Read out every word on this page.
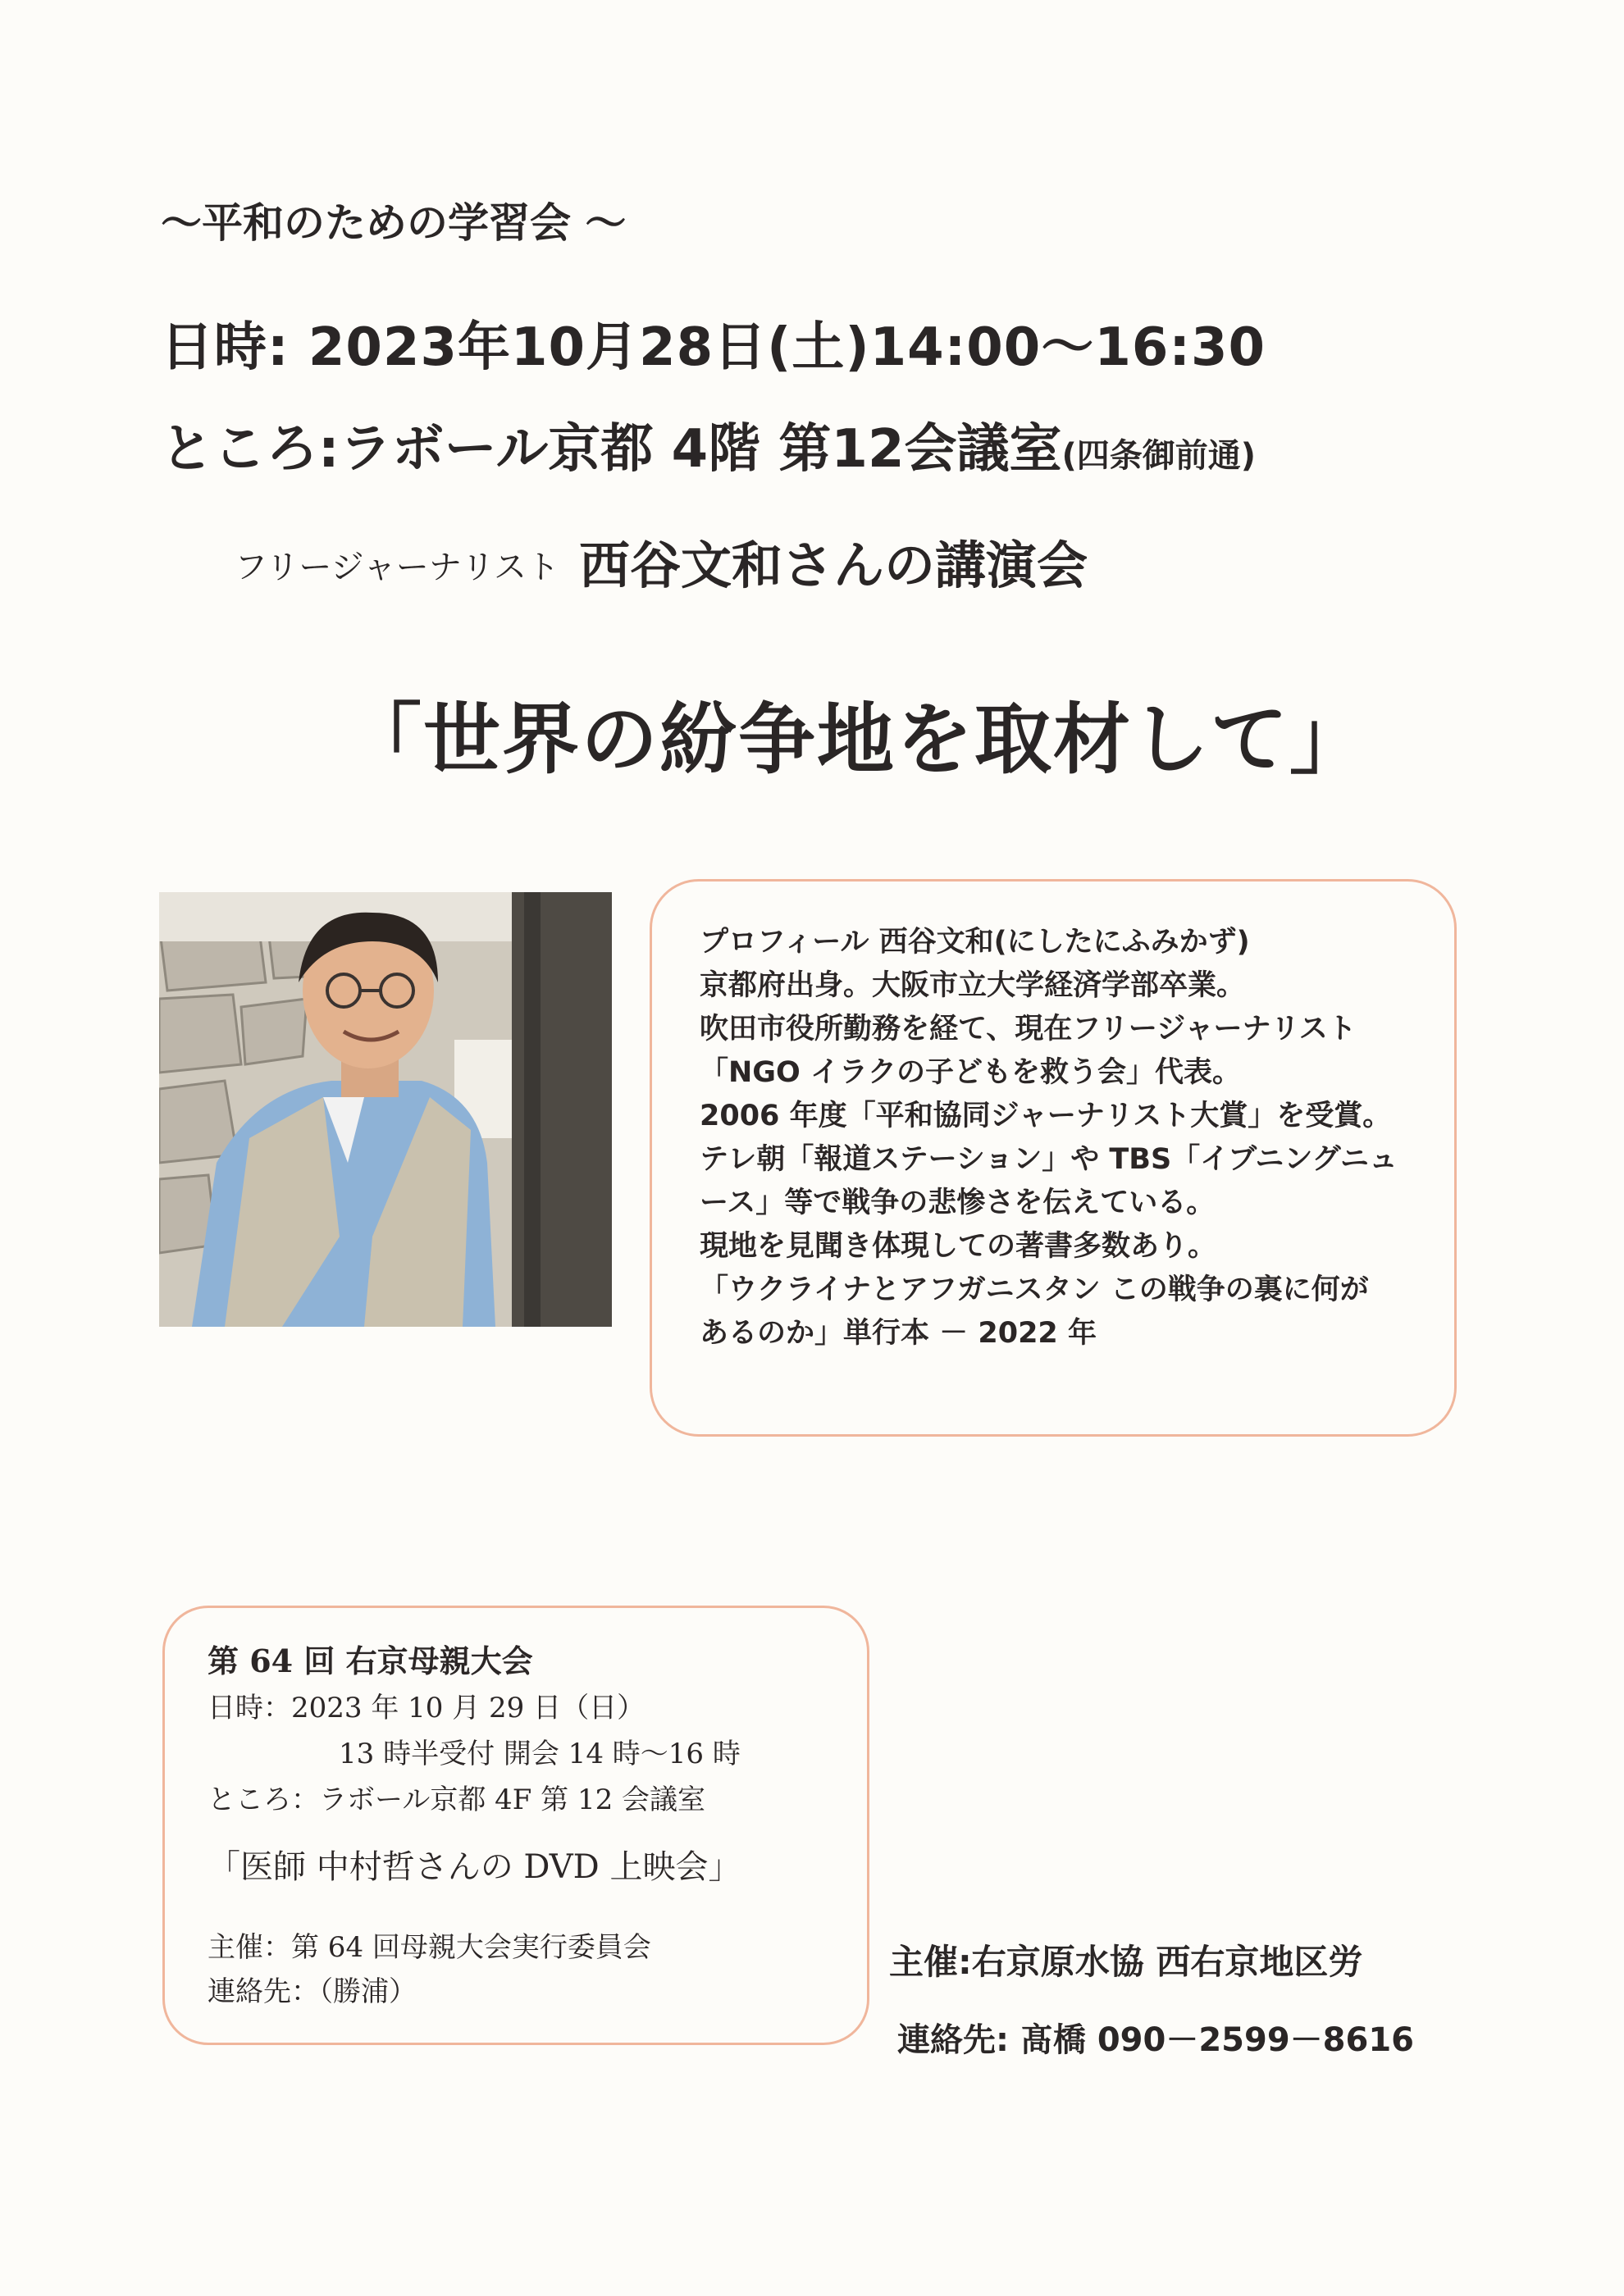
～平和のための学習会 ～
日時: 2023年10月28日(土)14:00～16:30
ところ:ラボール京都 4階 第12会議室(四条御前通)
フリージャーナリスト 西谷文和さんの講演会
「世界の紛争地を取材して」
プロフィール 西谷文和(にしたにふみかず)
京都府出身。大阪市立大学経済学部卒業。
吹田市役所勤務を経て、現在フリージャーナリスト
「NGO イラクの子どもを救う会」代表。
2006 年度「平和協同ジャーナリスト大賞」を受賞。
テレ朝「報道ステーション」や TBS「イブニングニュ
ース」等で戦争の悲惨さを伝えている。
現地を見聞き体現しての著書多数あり。
「ウクライナとアフガニスタン この戦争の裏に何が
あるのか」単行本 － 2022 年
第 64 回 右京母親大会
日時：2023 年 10 月 29 日（日）
13 時半受付 開会 14 時～16 時
ところ：ラボール京都 4F 第 12 会議室
「医師 中村哲さんの DVD 上映会」
主催：第 64 回母親大会実行委員会
連絡先：（勝浦）
主催:右京原水協 西右京地区労
連絡先: 髙橋 090－2599－8616
